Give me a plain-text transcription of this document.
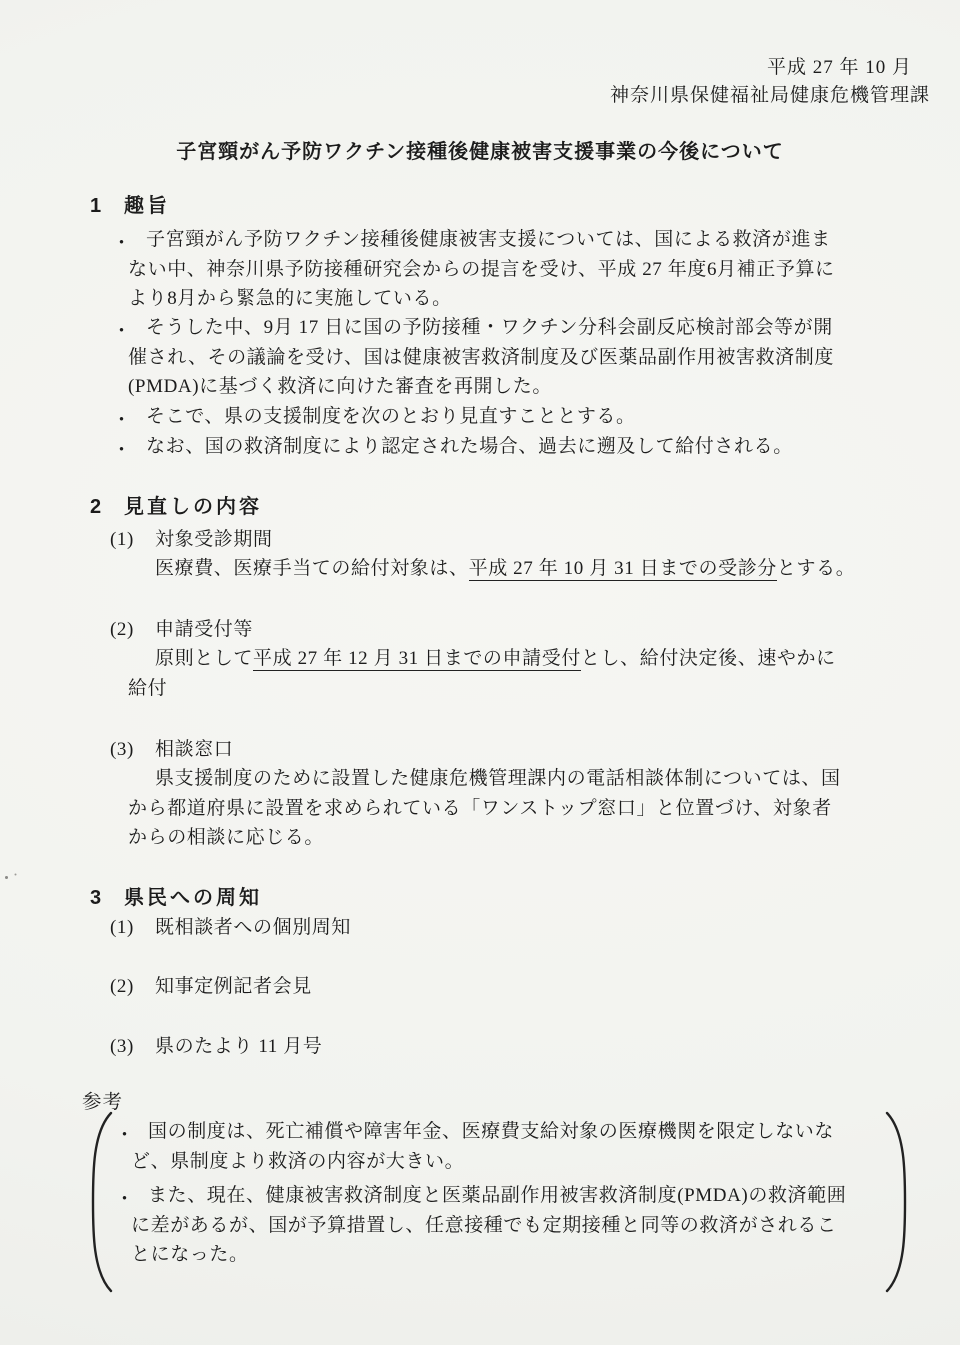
平成 27 年 10 月
神奈川県保健福祉局健康危機管理課
子宮頸がん予防ワクチン接種後健康被害支援事業の今後について
1 趣旨
・ 子宮頸がん予防ワクチン接種後健康被害支援については、国による救済が進ま
ない中、神奈川県予防接種研究会からの提言を受け、平成 27 年度6月補正予算に
より8月から緊急的に実施している。
・ そうした中、9月 17 日に国の予防接種・ワクチン分科会副反応検討部会等が開
催され、その議論を受け、国は健康被害救済制度及び医薬品副作用被害救済制度
(PMDA)に基づく救済に向けた審査を再開した。
・ そこで、県の支援制度を次のとおり見直すこととする。
・ なお、国の救済制度により認定された場合、過去に遡及して給付される。
2 見直しの内容
(1) 対象受診期間
医療費、医療手当ての給付対象は、平成 27 年 10 月 31 日までの受診分とする。
(2) 申請受付等
原則として平成 27 年 12 月 31 日までの申請受付とし、給付決定後、速やかに
給付
(3) 相談窓口
県支援制度のために設置した健康危機管理課内の電話相談体制については、国
から都道府県に設置を求められている「ワンストップ窓口」と位置づけ、対象者
からの相談に応じる。
3 県民への周知
(1) 既相談者への個別周知
(2) 知事定例記者会見
(3) 県のたより 11 月号
参考
・ 国の制度は、死亡補償や障害年金、医療費支給対象の医療機関を限定しないな
ど、県制度より救済の内容が大きい。
・ また、現在、健康被害救済制度と医薬品副作用被害救済制度(PMDA)の救済範囲
に差があるが、国が予算措置し、任意接種でも定期接種と同等の救済がされるこ
とになった。
